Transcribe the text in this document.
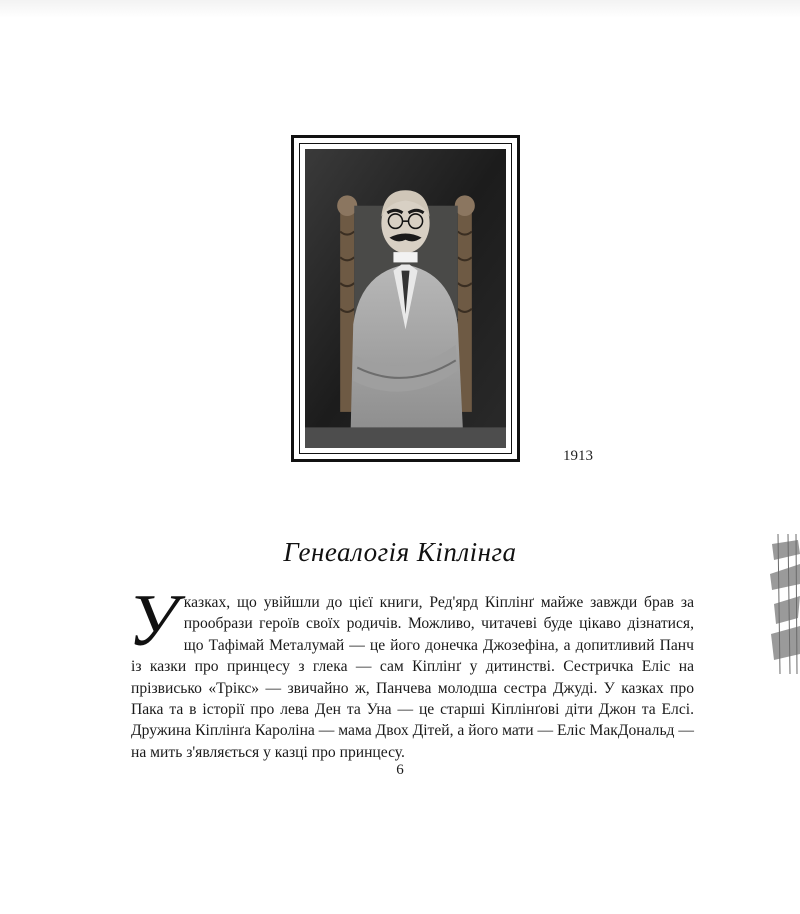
1913
Генеалогія Кіплінга
У казках, що увійшли до цієї книги, Ред'ярд Кіплінґ майже завжди брав за прообрази героїв своїх родичів. Можливо, читачеві буде цікаво дізнатися, що Тафімай Металумай — це його донечка Джозефіна, а допитливий Панч із казки про принцесу з глека — сам Кіплінґ у дитинстві. Сестричка Еліс на прізвисько «Трікс» — звичайно ж, Панчева молодша сестра Джуді. У казках про Пака та в історії про лева Ден та Уна — це старші Кіплінґові діти Джон та Елсі. Дружина Кіплінґа Кароліна — мама Двох Дітей, а його мати — Еліс МакДональд — на мить з'являється у казці про принцесу.

6
